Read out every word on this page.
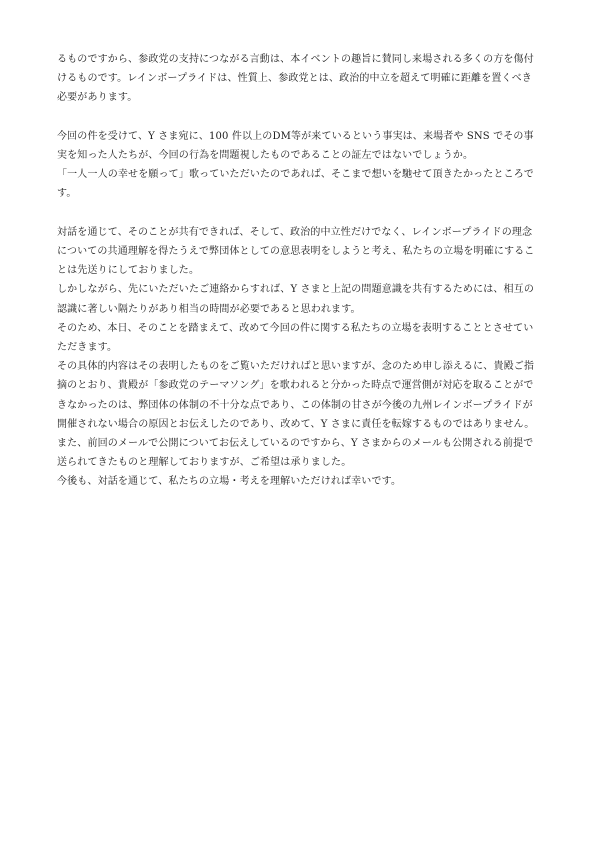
るものですから、参政党の支持につながる言動は、本イベントの趣旨に賛同し来場される多くの方を傷付けるものです。レインボープライドは、性質上、参政党とは、政治的中立を超えて明確に距離を置くべき必要があります。

今回の件を受けて、Y さま宛に、100 件以上のDM等が来ているという事実は、来場者や SNS でその事実を知った人たちが、今回の行為を問題視したものであることの証左ではないでしょうか。

「一人一人の幸せを願って」歌っていただいたのであれば、そこまで想いを馳せて頂きたかったところです。

対話を通じて、そのことが共有できれば、そして、政治的中立性だけでなく、レインボープライドの理念についての共通理解を得たうえで弊団体としての意思表明をしようと考え、私たちの立場を明確にすることは先送りにしておりました。

しかしながら、先にいただいたご連絡からすれば、Y さまと上記の問題意識を共有するためには、相互の認識に著しい隔たりがあり相当の時間が必要であると思われます。

そのため、本日、そのことを踏まえて、改めて今回の件に関する私たちの立場を表明することとさせていただきます。

その具体的内容はその表明したものをご覧いただければと思いますが、念のため申し添えるに、貴殿ご指摘のとおり、貴殿が「参政党のテーマソング」を歌われると分かった時点で運営側が対応を取ることができなかったのは、弊団体の体制の不十分な点であり、この体制の甘さが今後の九州レインボープライドが開催されない場合の原因とお伝えしたのであり、改めて、Y さまに責任を転嫁するものではありません。

また、前回のメールで公開についてお伝えしているのですから、Y さまからのメールも公開される前提で送られてきたものと理解しておりますが、ご希望は承りました。

今後も、対話を通じて、私たちの立場・考えを理解いただければ幸いです。
